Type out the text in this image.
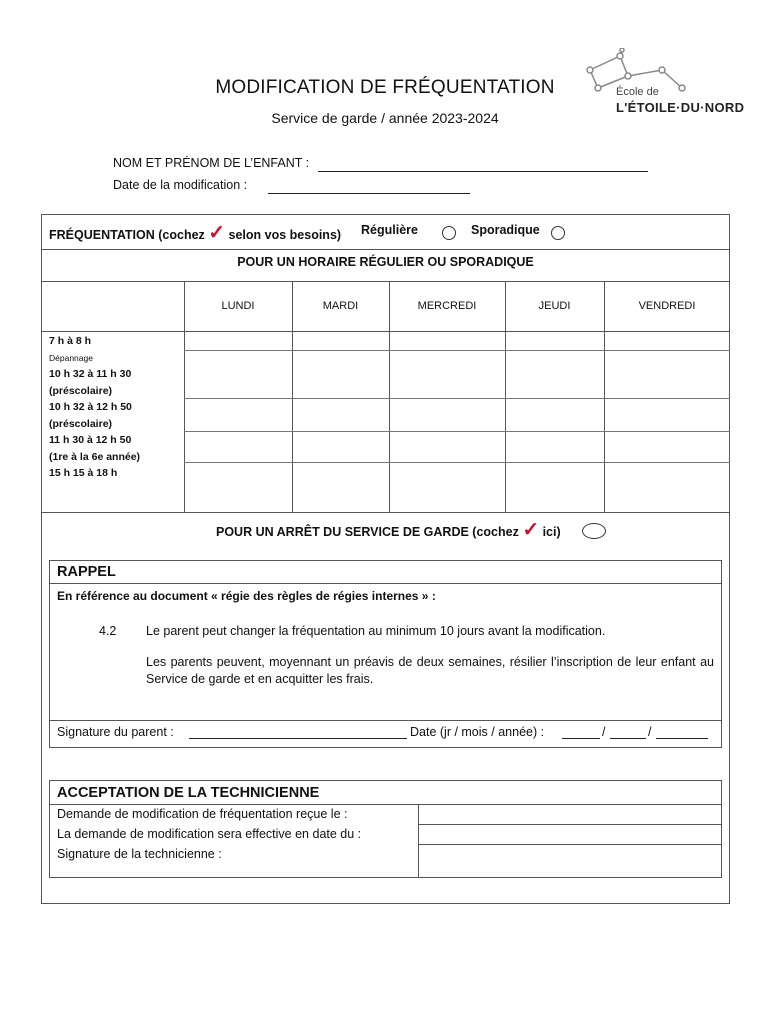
MODIFICATION DE FRÉQUENTATION
Service de garde / année 2023-2024
École de
L'ÉTOILE·DU·NORD
NOM ET PRÉNOM DE L’ENFANT :
Date de la modification :
FRÉQUENTATION (cochez ✓ selon vos besoins) Régulière	Sporadique
POUR UN HORAIRE RÉGULIER OU SPORADIQUE
LUNDI	MARDI	MERCREDI	JEUDI	VENDREDI
7 h à 8 h
Dépannage
10 h 32 à 11 h 30
(préscolaire)
10 h 32 à 12 h 50
(préscolaire)
11 h 30 à 12 h 50
(1re à la 6e année)
15 h 15 à 18 h
POUR UN ARRÊT DU SERVICE DE GARDE (cochez ✓ ici)
RAPPEL
En référence au document « régie des règles de régies internes » :
4.2 Le parent peut changer la fréquentation au minimum 10 jours avant la modification.
Les parents peuvent, moyennant un préavis de deux semaines, résilier l’inscription de leur enfant au Service de garde et en acquitter les frais.
Signature du parent :	Date (jr / mois / année) :	/	/
ACCEPTATION DE LA TECHNICIENNE
Demande de modification de fréquentation reçue le :
La demande de modification sera effective en date du :
Signature de la technicienne :
